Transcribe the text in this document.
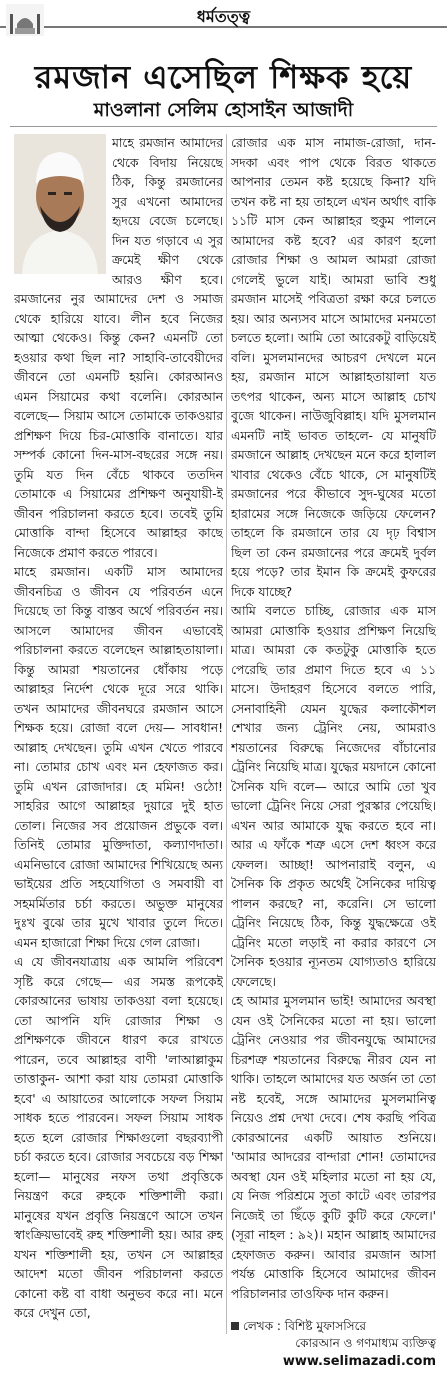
ধর্মতত্ত্ব
রমজান এসেছিল শিক্ষক হয়ে
মাওলানা সেলিম হোসাইন আজাদী

মাহে রমজান আমাদের থেকে বিদায় নিয়েছে ঠিক, কিন্তু রমজানের সুর এখনো আমাদের হৃদয়ে বেজে চলেছে। দিন যত গড়াবে এ সুর ক্রমেই ক্ষীণ থেকে আরও ক্ষীণ হবে। রমজানের নুর আমাদের দেশ ও সমাজ থেকে হারিয়ে যাবে। লীন হবে নিজের আত্মা থেকেও। কিন্তু কেন? এমনটি তো হওয়ার কথা ছিল না? সাহাবি-তাবেয়ীদের জীবনে তো এমনটি হয়নি। কোরআনও এমন সিয়ামের কথা বলেনি। কোরআন বলেছে— সিয়াম আসে তোমাকে তাকওয়ার প্রশিক্ষণ দিয়ে চির-মোত্তাকি বানাতে। যার সম্পর্ক কোনো দিন-মাস-বছরের সঙ্গে নয়। তুমি যত দিন বেঁচে থাকবে ততদিন তোমাকে এ সিয়ামের প্রশিক্ষণ অনুযায়ী-ই জীবন পরিচালনা করতে হবে। তবেই তুমি মোত্তাকি বান্দা হিসেবে আল্লাহর কাছে নিজেকে প্রমাণ করতে পারবে।

মাহে রমজান। একটি মাস আমাদের জীবনচিত্র ও জীবন যে পরিবর্তন এনে দিয়েছে তা কিন্তু বাস্তব অর্থে পরিবর্তন নয়। আসলে আমাদের জীবন এভাবেই পরিচালনা করতে বলেছেন আল্লাহতায়ালা। কিন্তু আমরা শয়তানের ধোঁকায় পড়ে আল্লাহর নির্দেশ থেকে দূরে সরে থাকি। তখন আমাদের জীবনঘরে রমজান আসে শিক্ষক হয়ে। রোজা বলে দেয়— সাবধান! আল্লাহ দেখছেন। তুমি এখন খেতে পারবে না। তোমার চোখ এবং মন হেফাজত কর। তুমি এখন রোজাদার। হে মমিন! ওঠো! সাহরির আগে আল্লাহর দুয়ারে দুই হাত তোল। নিজের সব প্রয়োজন প্রভুকে বল। তিনিই তোমার মুক্তিদাতা, কল্যাণদাতা। এমনিভাবে রোজা আমাদের শিখিয়েছে অন্য ভাইয়ের প্রতি সহযোগিতা ও সমবায়ী বা সহমর্মিতার চর্চা করতে। অভুক্ত মানুষের দুঃখ বুঝে তার মুখে খাবার তুলে দিতে। এমন হাজারো শিক্ষা দিয়ে গেল রোজা।

এ যে জীবনযাত্রায় এক আমলি পরিবেশ সৃষ্টি করে গেছে— এর সমস্ত রূপকেই কোরআনের ভাষায় তাকওয়া বলা হয়েছে। তো আপনি যদি রোজার শিক্ষা ও প্রশিক্ষণকে জীবনে ধারণ করে রাখতে পারেন, তবে আল্লাহর বাণী 'লাআল্লাকুম তাত্তাকুন- আশা করা যায় তোমরা মোত্তাকি হবে' এ আয়াতের আলোকে সফল সিয়াম সাধক হতে পারবেন। সফল সিয়াম সাধক হতে হলে রোজার শিক্ষাগুলো বছরব্যাপী চর্চা করতে হবে। রোজার সবচেয়ে বড় শিক্ষা হলো— মানুষের নফস তথা প্রবৃত্তিকে নিয়ন্ত্রণ করে রুহকে শক্তিশালী করা। মানুষের যখন প্রবৃত্তি নিয়ন্ত্রণে আসে তখন স্বাংক্রিয়ভাবেই রুহ শক্তিশালী হয়। আর রুহ যখন শক্তিশালী হয়, তখন সে আল্লাহর আদেশ মতো জীবন পরিচালনা করতে কোনো কষ্ট বা বাধা অনুভব করে না। মনে করে দেখুন তো,

রোজার এক মাস নামাজ-রোজা, দান-সদকা এবং পাপ থেকে বিরত থাকতে আপনার তেমন কষ্ট হয়েছে কিনা? যদি তখন কষ্ট না হয় তাহলে এখন অর্থাৎ বাকি ১১টি মাস কেন আল্লাহর হুকুম পালনে আমাদের কষ্ট হবে? এর কারণ হলো রোজার শিক্ষা ও আমল আমরা রোজা গেলেই ভুলে যাই। আমরা ভাবি শুধু রমজান মাসেই পবিত্রতা রক্ষা করে চলতে হয়। আর অন্যসব মাসে আমাদের মনমতো চলতে হলো। আমি তো আরেকটু বাড়িয়েই বলি। মুসলমানদের আচরণ দেখলে মনে হয়, রমজান মাসে আল্লাহতায়ালা যত তৎপর থাকেন, অন্য মাসে আল্লাহ চোখ বুজে থাকেন। নাউজুবিল্লাহ। যদি মুসলমান এমনটি নাই ভাবত তাহলে- যে মানুষটি রমজানে আল্লাহ দেখছেন মনে করে হালাল খাবার থেকেও বেঁচে থাকে, সে মানুষটিই রমজানের পরে কীভাবে সুদ-ঘুষের মতো হারামের সঙ্গে নিজেকে জড়িয়ে ফেলেন? তাহলে কি রমজানে তার যে দৃঢ় বিশ্বাস ছিল তা কেন রমজানের পরে ক্রমেই দুর্বল হয়ে পড়ে? তার ইমান কি ক্রমেই কুফরের দিকে যাচ্ছে?

আমি বলতে চাচ্ছি, রোজার এক মাস আমরা মোত্তাকি হওয়ার প্রশিক্ষণ নিয়েছি মাত্র। আমরা কে কতটুকু মোত্তাকি হতে পেরেছি তার প্রমাণ দিতে হবে এ ১১ মাসে। উদাহরণ হিসেবে বলতে পারি, সেনাবাহিনী যেমন যুদ্ধের কলাকৌশল শেখার জন্য ট্রেনিং নেয়, আমরাও শয়তানের বিরুদ্ধে নিজেদের বাঁচানোর ট্রেনিং নিয়েছি মাত্র। যুদ্ধের ময়দানে কোনো সৈনিক যদি বলে— আরে আমি তো খুব ভালো ট্রেনিং নিয়ে সেরা পুরস্কার পেয়েছি। এখন আর আমাকে যুদ্ধ করতে হবে না। আর এ ফাঁকে শত্রু এসে দেশ ধ্বংস করে ফেলল। আচ্ছা! আপনারাই বলুন, এ সৈনিক কি প্রকৃত অর্থেই সৈনিকের দায়িত্ব পালন করছে? না, করেনি। সে ভালো ট্রেনিং নিয়েছে ঠিক, কিন্তু যুদ্ধক্ষেত্রে ওই ট্রেনিং মতো লড়াই না করার কারণে সে সৈনিক হওয়ার ন্যূনতম যোগ্যতাও হারিয়ে ফেলেছে।

হে আমার মুসলমান ভাই! আমাদের অবস্থা যেন ওই সৈনিকের মতো না হয়। ভালো ট্রেনিং নেওয়ার পর জীবনযুদ্ধে আমাদের চিরশত্রু শয়তানের বিরুদ্ধে নীরব যেন না থাকি। তাহলে আমাদের যত অর্জন তা তো নষ্ট হবেই, সঙ্গে আমাদের মুসলমানিত্ব নিয়েও প্রশ্ন দেখা দেবে। শেষ করছি পবিত্র কোরআনের একটি আয়াত শুনিয়ে। 'আমার আদরের বান্দারা শোন! তোমাদের অবস্থা যেন ওই মহিলার মতো না হয় যে, যে নিজ পরিশ্রমে সুতা কাটে এবং তারপর নিজেই তা ছিঁড়ে কুটি কুটি করে ফেলে।' (সূরা নাহল : ৯২)। মহান আল্লাহ আমাদের হেফাজত করুন। আবার রমজান আসা পর্যন্ত মোত্তাকি হিসেবে আমাদের জীবন পরিচালনার তাওফিক দান করুন।

লেখক : বিশিষ্ট মুফাসসিরে
কোরআন ও গণমাধ্যম ব্যক্তিত্ব
www.selimazadi.com
